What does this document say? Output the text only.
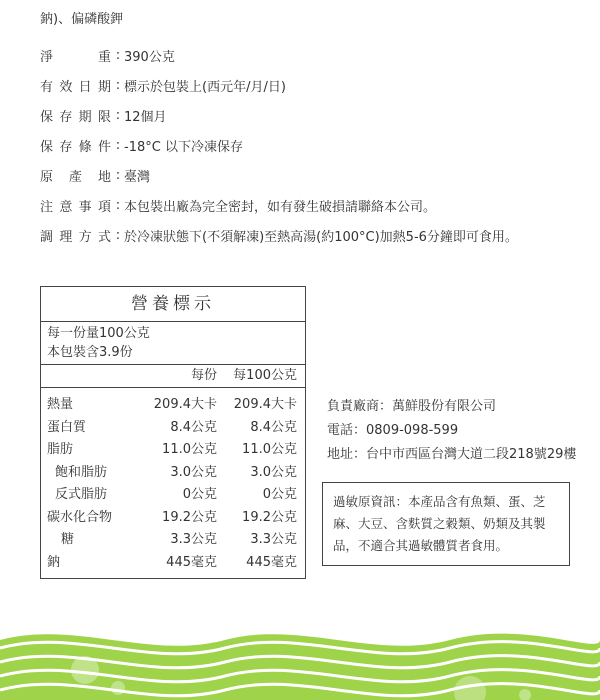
鈉)、偏磷酸鉀
淨重 : 390公克
有效日期 : 標示於包裝上(西元年/月/日)
保存期限 : 12個月
保存條件 : -18°C 以下冷凍保存
原產地 : 臺灣
注意事項 : 本包裝出廠為完全密封，如有發生破損請聯絡本公司。
調理方式 : 於冷凍狀態下(不須解凍)至熱高湯(約100°C)加熱5-6分鐘即可食用。
營養標示
每一份量100公克
本包裝含3.9份
每份	每100公克
熱量	209.4大卡	209.4大卡
蛋白質	8.4公克	8.4公克
脂肪	11.0公克	11.0公克
飽和脂肪	3.0公克	3.0公克
反式脂肪	0公克	0公克
碳水化合物	19.2公克	19.2公克
糖	3.3公克	3.3公克
鈉	445毫克	445毫克
負責廠商：萬鮮股份有限公司
電話：0809-098-599
地址：台中市西區台灣大道二段218號29樓
過敏原資訊：本產品含有魚類、蛋、芝麻、大豆、含麩質之穀類、奶類及其製品，不適合其過敏體質者食用。
